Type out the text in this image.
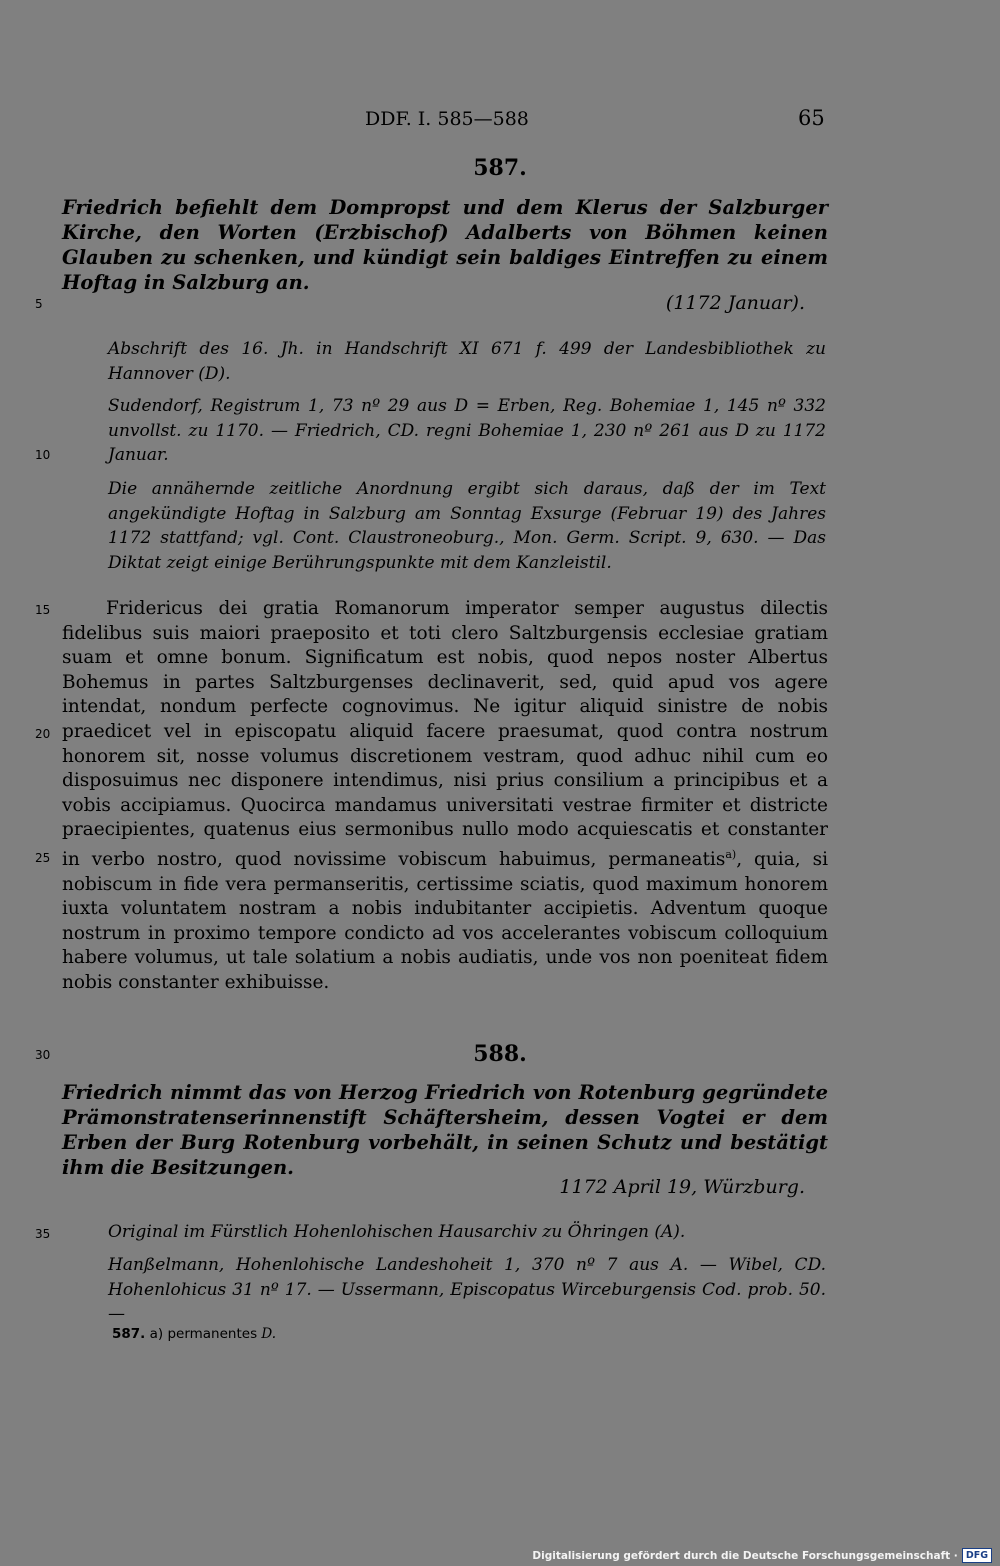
DDF. I. 585—588	65
587.
Friedrich befiehlt dem Dompropst und dem Klerus der Salzburger Kirche, den Worten (Erzbischof) Adalberts von Böhmen keinen Glauben zu schenken, und kündigt sein baldiges Eintreffen zu einem Hoftag in Salzburg an.
(1172 Januar).

Abschrift des 16. Jh. in Handschrift XI 671 f. 499 der Landesbibliothek zu Hannover (D).

Sudendorf, Registrum 1, 73 nº 29 aus D = Erben, Reg. Bohemiae 1, 145 nº 332 unvollst. zu 1170. — Friedrich, CD. regni Bohemiae 1, 230 nº 261 aus D zu 1172 Januar.

Die annähernde zeitliche Anordnung ergibt sich daraus, daß der im Text angekündigte Hoftag in Salzburg am Sonntag Exsurge (Februar 19) des Jahres 1172 stattfand; vgl. Cont. Claustroneoburg., Mon. Germ. Script. 9, 630. — Das Diktat zeigt einige Berührungspunkte mit dem Kanzleistil.

Fridericus dei gratia Romanorum imperator semper augustus dilectis fidelibus suis maiori praeposito et toti clero Saltzburgensis ecclesiae gratiam suam et omne bonum. Significatum est nobis, quod nepos noster Albertus Bohemus in partes Saltzburgenses declinaverit, sed, quid apud vos agere intendat, nondum perfecte cognovimus. Ne igitur aliquid sinistre de nobis praedicet vel in episcopatu aliquid facere praesumat, quod contra nostrum honorem sit, nosse volumus discretionem vestram, quod adhuc nihil cum eo disposuimus nec disponere intendimus, nisi prius consilium a principibus et a vobis accipiamus. Quocirca mandamus universitati vestrae firmiter et districte praecipientes, quatenus eius sermonibus nullo modo acquiescatis et constanter in verbo nostro, quod novissime vobiscum habuimus, permaneatis$^{a)}$, quia, si nobiscum in fide vera permanseritis, certissime sciatis, quod maximum honorem iuxta voluntatem nostram a nobis indubitanter accipietis. Adventum quoque nostrum in proximo tempore condicto ad vos accelerantes vobiscum colloquium habere volumus, ut tale solatium a nobis audiatis, unde vos non poeniteat fidem nobis constanter exhibuisse.

588.
Friedrich nimmt das von Herzog Friedrich von Rotenburg gegründete Prämonstratenserinnenstift Schäftersheim, dessen Vogtei er dem Erben der Burg Rotenburg vorbehält, in seinen Schutz und bestätigt ihm die Besitzungen.
1172 April 19, Würzburg.

Original im Fürstlich Hohenlohischen Hausarchiv zu Öhringen (A).

Hanßelmann, Hohenlohische Landeshoheit 1, 370 nº 7 aus A. — Wibel, CD. Hohenlohicus 31 nº 17. — Ussermann, Episcopatus Wirceburgensis Cod. prob. 50. —

5
10
15
20
25
30
35
587. a) permanentes D.
Digitalisierung gefördert durch die Deutsche Forschungsgemeinschaft · DFG
